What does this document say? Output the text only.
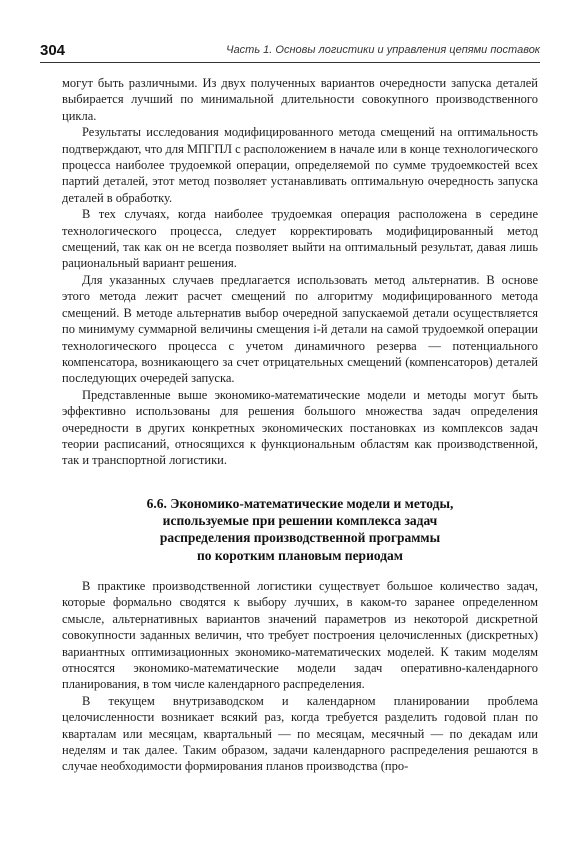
304	Часть 1. Основы логистики и управления цепями поставок

могут быть различными. Из двух полученных вариантов очередности запуска деталей выбирается лучший по минимальной длительности совокупного производственного цикла.

Результаты исследования модифицированного метода смещений на оптимальность подтверждают, что для МПГПЛ с расположением в начале или в конце технологического процесса наиболее трудоемкой операции, определяемой по сумме трудоемкостей всех партий деталей, этот метод позволяет устанавливать оптимальную очередность запуска деталей в обработку.

В тех случаях, когда наиболее трудоемкая операция расположена в середине технологического процесса, следует корректировать модифицированный метод смещений, так как он не всегда позволяет выйти на оптимальный результат, давая лишь рациональный вариант решения.

Для указанных случаев предлагается использовать метод альтернатив. В основе этого метода лежит расчет смещений по алгоритму модифицированного метода смещений. В методе альтернатив выбор очередной запускаемой детали осуществляется по минимуму суммарной величины смещения i-й детали на самой трудоемкой операции технологического процесса с учетом динамичного резерва — потенциального компенсатора, возникающего за счет отрицательных смещений (компенсаторов) деталей последующих очередей запуска.

Представленные выше экономико-математические модели и методы могут быть эффективно использованы для решения большого множества задач определения очередности в других конкретных экономических постановках из комплексов задач теории расписаний, относящихся к функциональным областям как производственной, так и транспортной логистики.

6.6. Экономико-математические модели и методы,
используемые при решении комплекса задач
распределения производственной программы
по коротким плановым периодам

В практике производственной логистики существует большое количество задач, которые формально сводятся к выбору лучших, в каком-то заранее определенном смысле, альтернативных вариантов значений параметров из некоторой дискретной совокупности заданных величин, что требует построения целочисленных (дискретных) вариантных оптимизационных экономико-математических моделей. К таким моделям относятся экономико-математические модели задач оперативно-календарного планирования, в том числе календарного распределения.

В текущем внутризаводском и календарном планировании проблема целочисленности возникает всякий раз, когда требуется разделить годовой план по кварталам или месяцам, квартальный — по месяцам, месячный — по декадам или неделям и так далее. Таким образом, задачи календарного распределения решаются в случае необходимости формирования планов производства (про-
